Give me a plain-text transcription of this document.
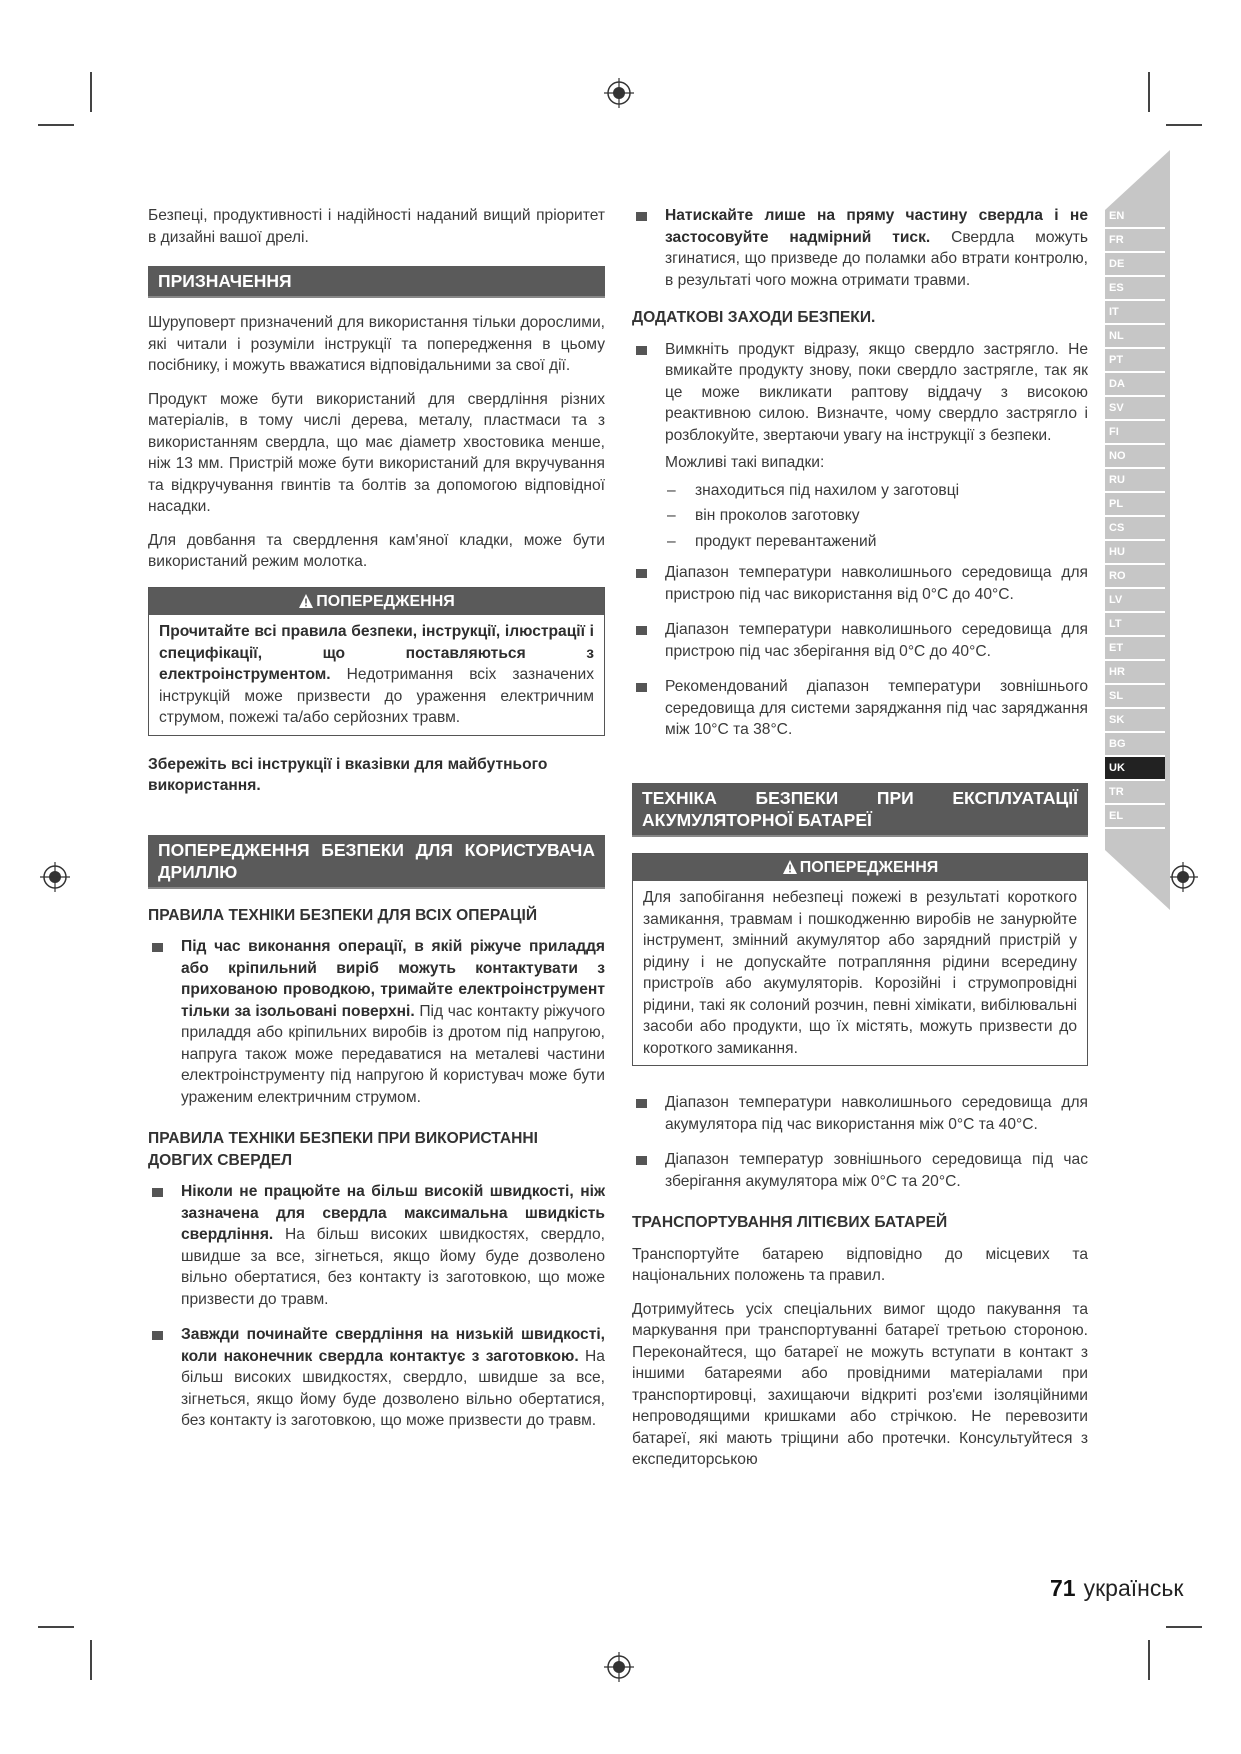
EN
FR
DE
ES
IT
NL
PT
DA
SV
FI
NO
RU
PL
CS
HU
RO
LV
LT
ET
HR
SL
SK
BG
UK
TR
EL

Безпеці, продуктивності і надійності наданий вищий пріоритет в дизайні вашої дрелі.

ПРИЗНАЧЕННЯ

Шуруповерт призначений для використання тільки дорослими, які читали і розуміли інструкції та попередження в цьому посібнику, і можуть вважатися відповідальними за свої дії.

Продукт може бути використаний для свердління різних матеріалів, в тому числі дерева, металу, пластмаси та з використанням свердла, що має діаметр хвостовика менше, ніж 13 мм. Пристрій може бути використаний для вкручування та відкручування гвинтів та болтів за допомогою відповідної насадки.

Для довбання та свердлення кам'яної кладки, може бути використаний режим молотка.

ПОПЕРЕДЖЕННЯ
Прочитайте всі правила безпеки, інструкції, ілюстрації і специфікації, що поставляються з електроінструментом. Недотримання всіх зазначених інструкцій може призвести до ураження електричним струмом, пожежі та/або серйозних травм.

Збережіть всі інструкції і вказівки для майбутнього використання.

ПОПЕРЕДЖЕННЯ БЕЗПЕКИ ДЛЯ КОРИСТУВАЧА ДРИЛЛЮ
ПРАВИЛА ТЕХНІКИ БЕЗПЕКИ ДЛЯ ВСІХ ОПЕРАЦІЙ
Під час виконання операції, в якій ріжуче приладдя або кріпильний виріб можуть контактувати з прихованою проводкою, тримайте електроінструмент тільки за ізольовані поверхні. Під час контакту ріжучого приладдя або кріпильних виробів із дротом під напругою, напруга також може передаватися на металеві частини електроінструменту під напругою й користувач може бути ураженим електричним струмом.
ПРАВИЛА ТЕХНІКИ БЕЗПЕКИ ПРИ ВИКОРИСТАННІ ДОВГИХ СВЕРДЕЛ
Ніколи не працюйте на більш високій швидкості, ніж зазначена для свердла максимальна швидкість свердління. На більш високих швидкостях, свердло, швидше за все, зігнеться, якщо йому буде дозволено вільно обертатися, без контакту із заготовкою, що може призвести до травм.
Завжди починайте свердління на низькій швидкості, коли наконечник свердла контактує з заготовкою. На більш високих швидкостях, свердло, швидше за все, зігнеться, якщо йому буде дозволено вільно обертатися, без контакту із заготовкою, що може призвести до травм.
Натискайте лише на пряму частину свердла і не застосовуйте надмірний тиск. Свердла можуть згинатися, що призведе до поламки або втрати контролю, в результаті чого можна отримати травми.
ДОДАТКОВІ ЗАХОДИ БЕЗПЕКИ.
Вимкніть продукт відразу, якщо свердло застрягло. Не вмикайте продукту знову, поки свердло застрягле, так як це може викликати раптову віддачу з високою реактивною силою. Визначте, чому свердло застрягло і розблокуйте, звертаючи увагу на інструкції з безпеки.
Можливі такі випадки:
–	знаходиться під нахилом у заготовці
–	він проколов заготовку
–	продукт перевантажений
Діапазон температури навколишнього середовища для пристрою під час використання від 0°C до 40°C.
Діапазон температури навколишнього середовища для пристрою під час зберігання від 0°C до 40°C.
Рекомендований діапазон температури зовнішнього середовища для системи заряджання під час заряджання між 10°C та 38°C.
ТЕХНІКА БЕЗПЕКИ ПРИ ЕКСПЛУАТАЦІЇ АКУМУЛЯТОРНОЇ БАТАРЕЇ
ПОПЕРЕДЖЕННЯ
Для запобігання небезпеці пожежі в результаті короткого замикання, травмам і пошкодженню виробів не занурюйте інструмент, змінний акумулятор або зарядний пристрій у рідину і не допускайте потрапляння рідини всередину пристроїв або акумуляторів. Корозійні і струмопровідні рідини, такі як солоний розчин, певні хімікати, вибілювальні засоби або продукти, що їх містять, можуть призвести до короткого замикання.
Діапазон температури навколишнього середовища для акумулятора під час використання між 0°C та 40°C.
Діапазон температур зовнішнього середовища під час зберігання акумулятора між 0°C та 20°C.
ТРАНСПОРТУВАННЯ ЛІТІЄВИХ БАТАРЕЙ

Транспортуйте батарею відповідно до місцевих та національних положень та правил.

Дотримуйтесь усіх спеціальних вимог щодо пакування та маркування при транспортуванні батареї третьою стороною. Переконайтеся, що батареї не можуть вступати в контакт з іншими батареями або провідними матеріалами при транспортировці, захищаючи відкриті роз'єми ізоляційними непроводящими кришками або стрічкою. Не перевозити батареї, які мають тріщини або протечки. Консультуйтеся з експедиторською

71 українськ
